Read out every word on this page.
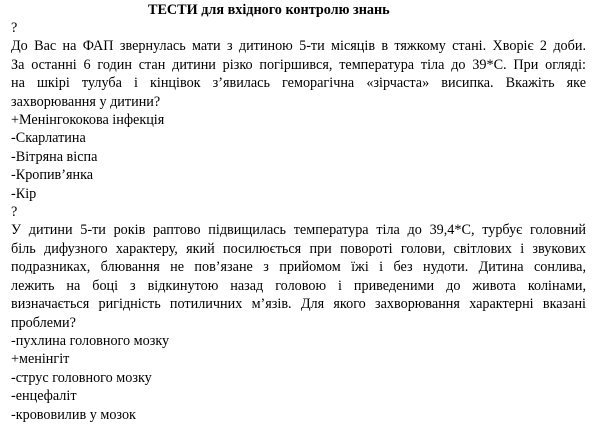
ТЕСТИ для вхідного контролю знань
?
До Вас на ФАП звернулась мати з дитиною 5-ти місяців в тяжкому стані. Хворіє 2 доби.
За останні 6 годин стан дитини різко погіршився, температура тіла до 39*С. При огляді:
на шкірі тулуба і кінцівок з’явилась геморагічна «зірчаста» висипка. Вкажіть яке
захворювання у дитини?
+Менінгококова інфекція
-Скарлатина
-Вітряна віспа
-Кропив’янка
-Кір
?
У дитини 5-ти років раптово підвищилась температура тіла до 39,4*С, турбує головний
біль дифузного характеру, який посилюється при повороті голови, світлових і звукових
подразниках, блювання не пов’язане з прийомом їжі і без нудоти. Дитина сонлива,
лежить на боці з відкинутою назад головою і приведеними до живота колінами,
визначається ригідність потиличних м’язів. Для якого захворювання характерні вказані
проблеми?
-пухлина головного мозку
+менінгіт
-струс головного мозку
-енцефаліт
-крововилив у мозок
